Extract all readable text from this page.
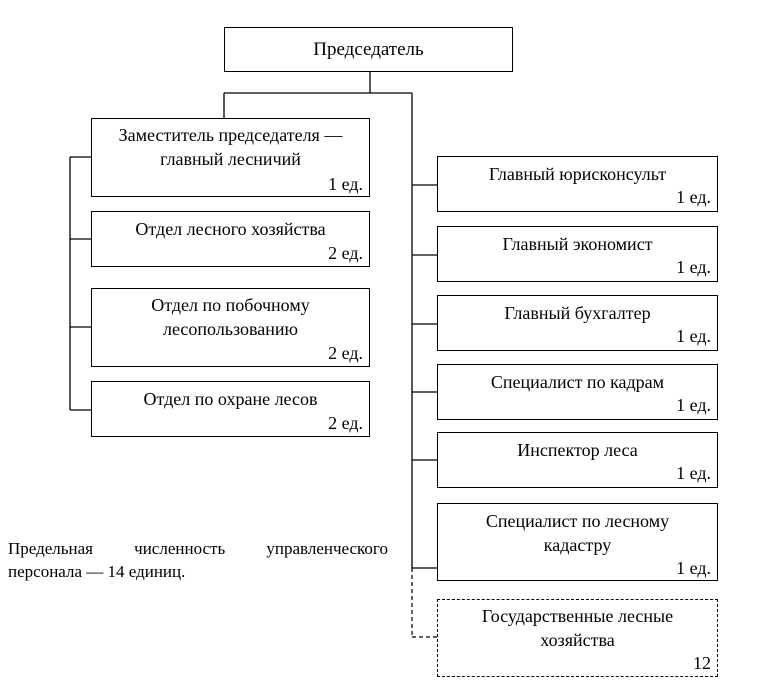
Председатель
Заместитель председателя —
главный лесничий
1 ед.
Отдел лесного хозяйства
2 ед.
Отдел по побочному
лесопользованию
2 ед.
Отдел по охране лесов
2 ед.
Главный юрисконсульт
1 ед.
Главный экономист
1 ед.
Главный бухгалтер
1 ед.
Специалист по кадрам
1 ед.
Инспектор леса
1 ед.
Специалист по лесному
кадастру
1 ед.
Государственные лесные
хозяйства
12
Предельная численность управленческого персонала — 14 единиц.
